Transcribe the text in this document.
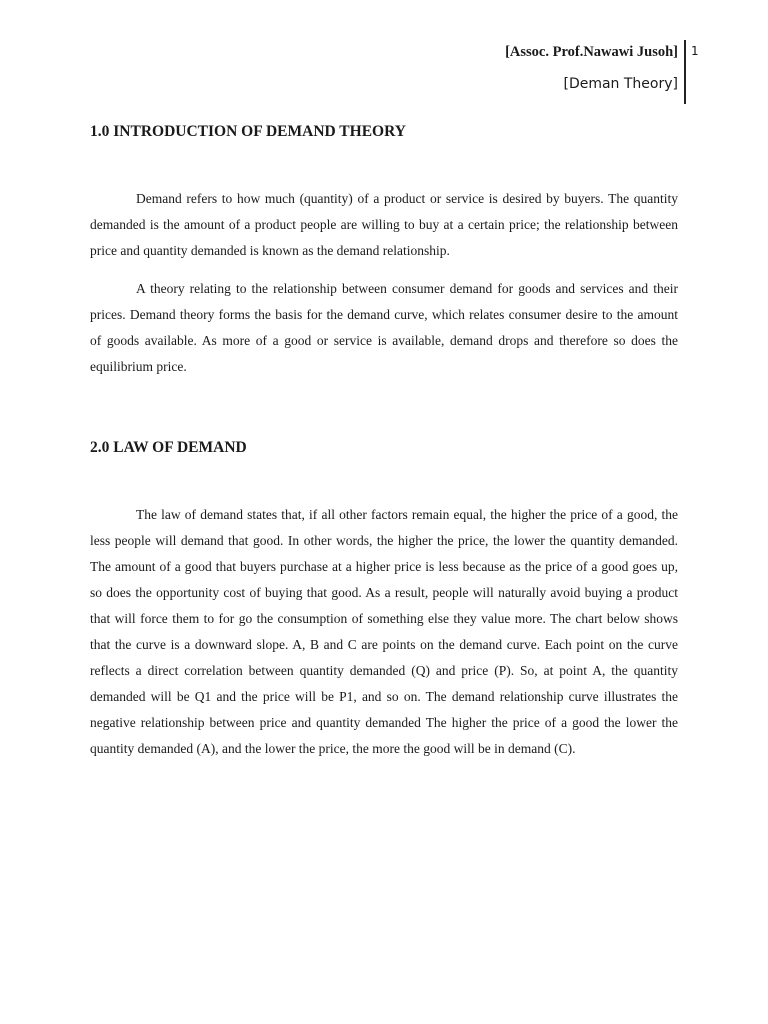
[Assoc. Prof.Nawawi Jusoh]
[Deman Theory]
1
1.0 INTRODUCTION OF DEMAND THEORY

Demand refers to how much (quantity) of a product or service is desired by buyers. The quantity demanded is the amount of a product people are willing to buy at a certain price; the relationship between price and quantity demanded is known as the demand relationship.

A theory relating to the relationship between consumer demand for goods and services and their prices. Demand theory forms the basis for the demand curve, which relates consumer desire to the amount of goods available. As more of a good or service is available, demand drops and therefore so does the equilibrium price.

2.0 LAW OF DEMAND

The law of demand states that, if all other factors remain equal, the higher the price of a good, the less people will demand that good. In other words, the higher the price, the lower the quantity demanded. The amount of a good that buyers purchase at a higher price is less because as the price of a good goes up, so does the opportunity cost of buying that good. As a result, people will naturally avoid buying a product that will force them to for go the consumption of something else they value more. The chart below shows that the curve is a downward slope. A, B and C are points on the demand curve. Each point on the curve reflects a direct correlation between quantity demanded (Q) and price (P). So, at point A, the quantity demanded will be Q1 and the price will be P1, and so on. The demand relationship curve illustrates the negative relationship between price and quantity demanded The higher the price of a good the lower the quantity demanded (A), and the lower the price, the more the good will be in demand (C).
